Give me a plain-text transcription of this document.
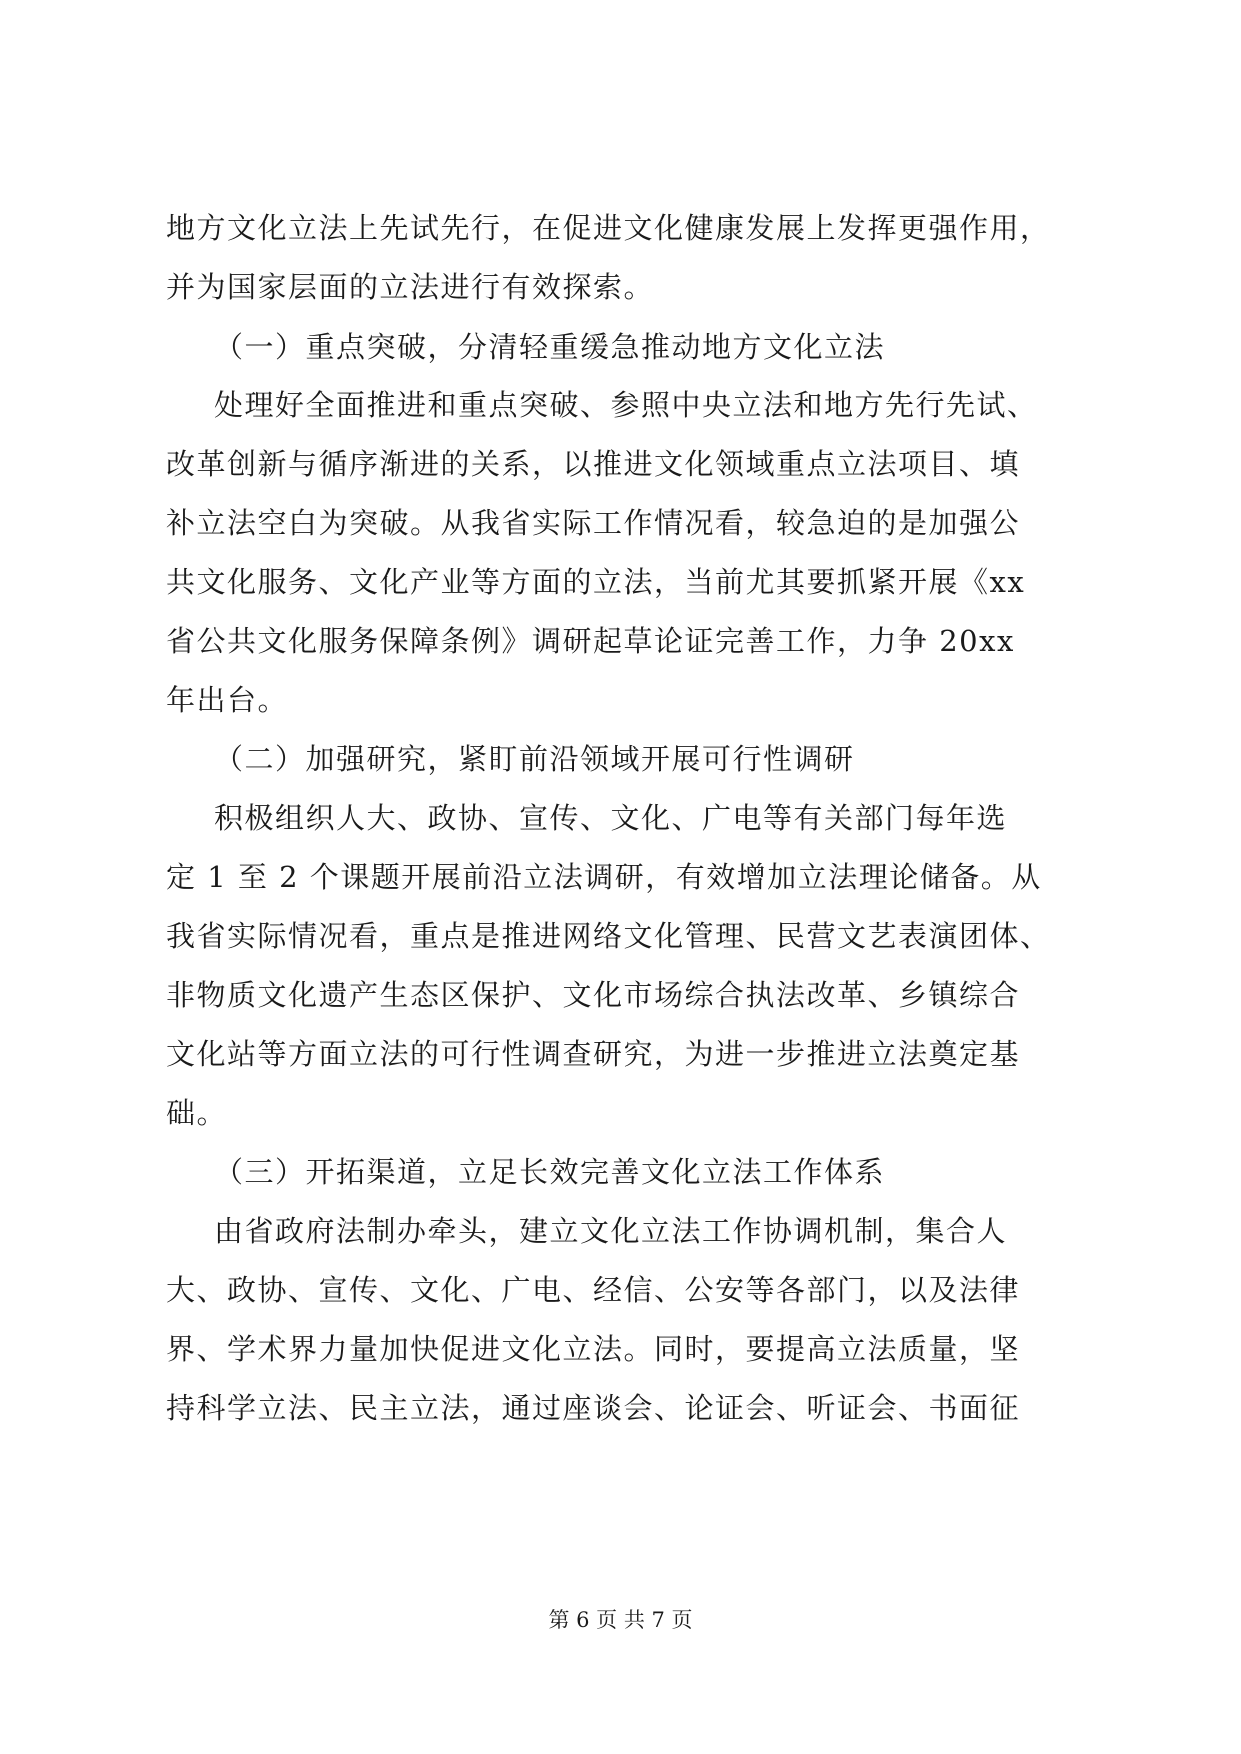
地方文化立法上先试先行，在促进文化健康发展上发挥更强作用，
并为国家层面的立法进行有效探索。
（一）重点突破，分清轻重缓急推动地方文化立法
处理好全面推进和重点突破、参照中央立法和地方先行先试、
改革创新与循序渐进的关系，以推进文化领域重点立法项目、填
补立法空白为突破。从我省实际工作情况看，较急迫的是加强公
共文化服务、文化产业等方面的立法，当前尤其要抓紧开展《xx
省公共文化服务保障条例》调研起草论证完善工作，力争 20xx
年出台。
（二）加强研究，紧盯前沿领域开展可行性调研
积极组织人大、政协、宣传、文化、广电等有关部门每年选
定 1 至 2 个课题开展前沿立法调研，有效增加立法理论储备。从
我省实际情况看，重点是推进网络文化管理、民营文艺表演团体、
非物质文化遗产生态区保护、文化市场综合执法改革、乡镇综合
文化站等方面立法的可行性调查研究，为进一步推进立法奠定基
础。
（三）开拓渠道，立足长效完善文化立法工作体系
由省政府法制办牵头，建立文化立法工作协调机制，集合人
大、政协、宣传、文化、广电、经信、公安等各部门，以及法律
界、学术界力量加快促进文化立法。同时，要提高立法质量，坚
持科学立法、民主立法，通过座谈会、论证会、听证会、书面征
第 6 页 共 7 页
